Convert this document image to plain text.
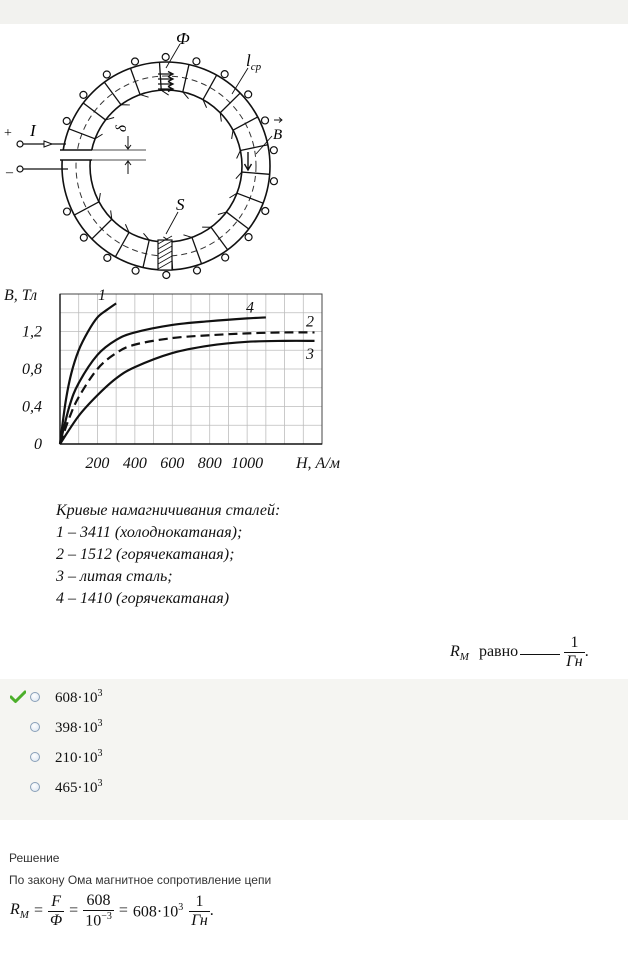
Ф
$l_{ср}$
I
+
–
δ	B
S
200 400 600 800 1000 H, А/м
0
0,4
0,8
1,2
B, Тл	1
2
3
4
Кривые намагничивания сталей:
1 – 3411 (холоднокатаная);
2 – 1512 (горячекатаная);
3 – литая сталь;
4 – 1410 (горячекатаная)
$R_M$ равно	$\frac{1}{Гн}$ .
$608\cdot 10^3$
$398\cdot 10^3$
$210\cdot 10^3$
$465\cdot 10^3$
Решение
По закону Ома магнитное сопротивление цепи
$R_M = \frac{F}{\Phi} = \frac{608}{10^{-3}} = 608\cdot 10^3 \frac{1}{Гн}$ .
